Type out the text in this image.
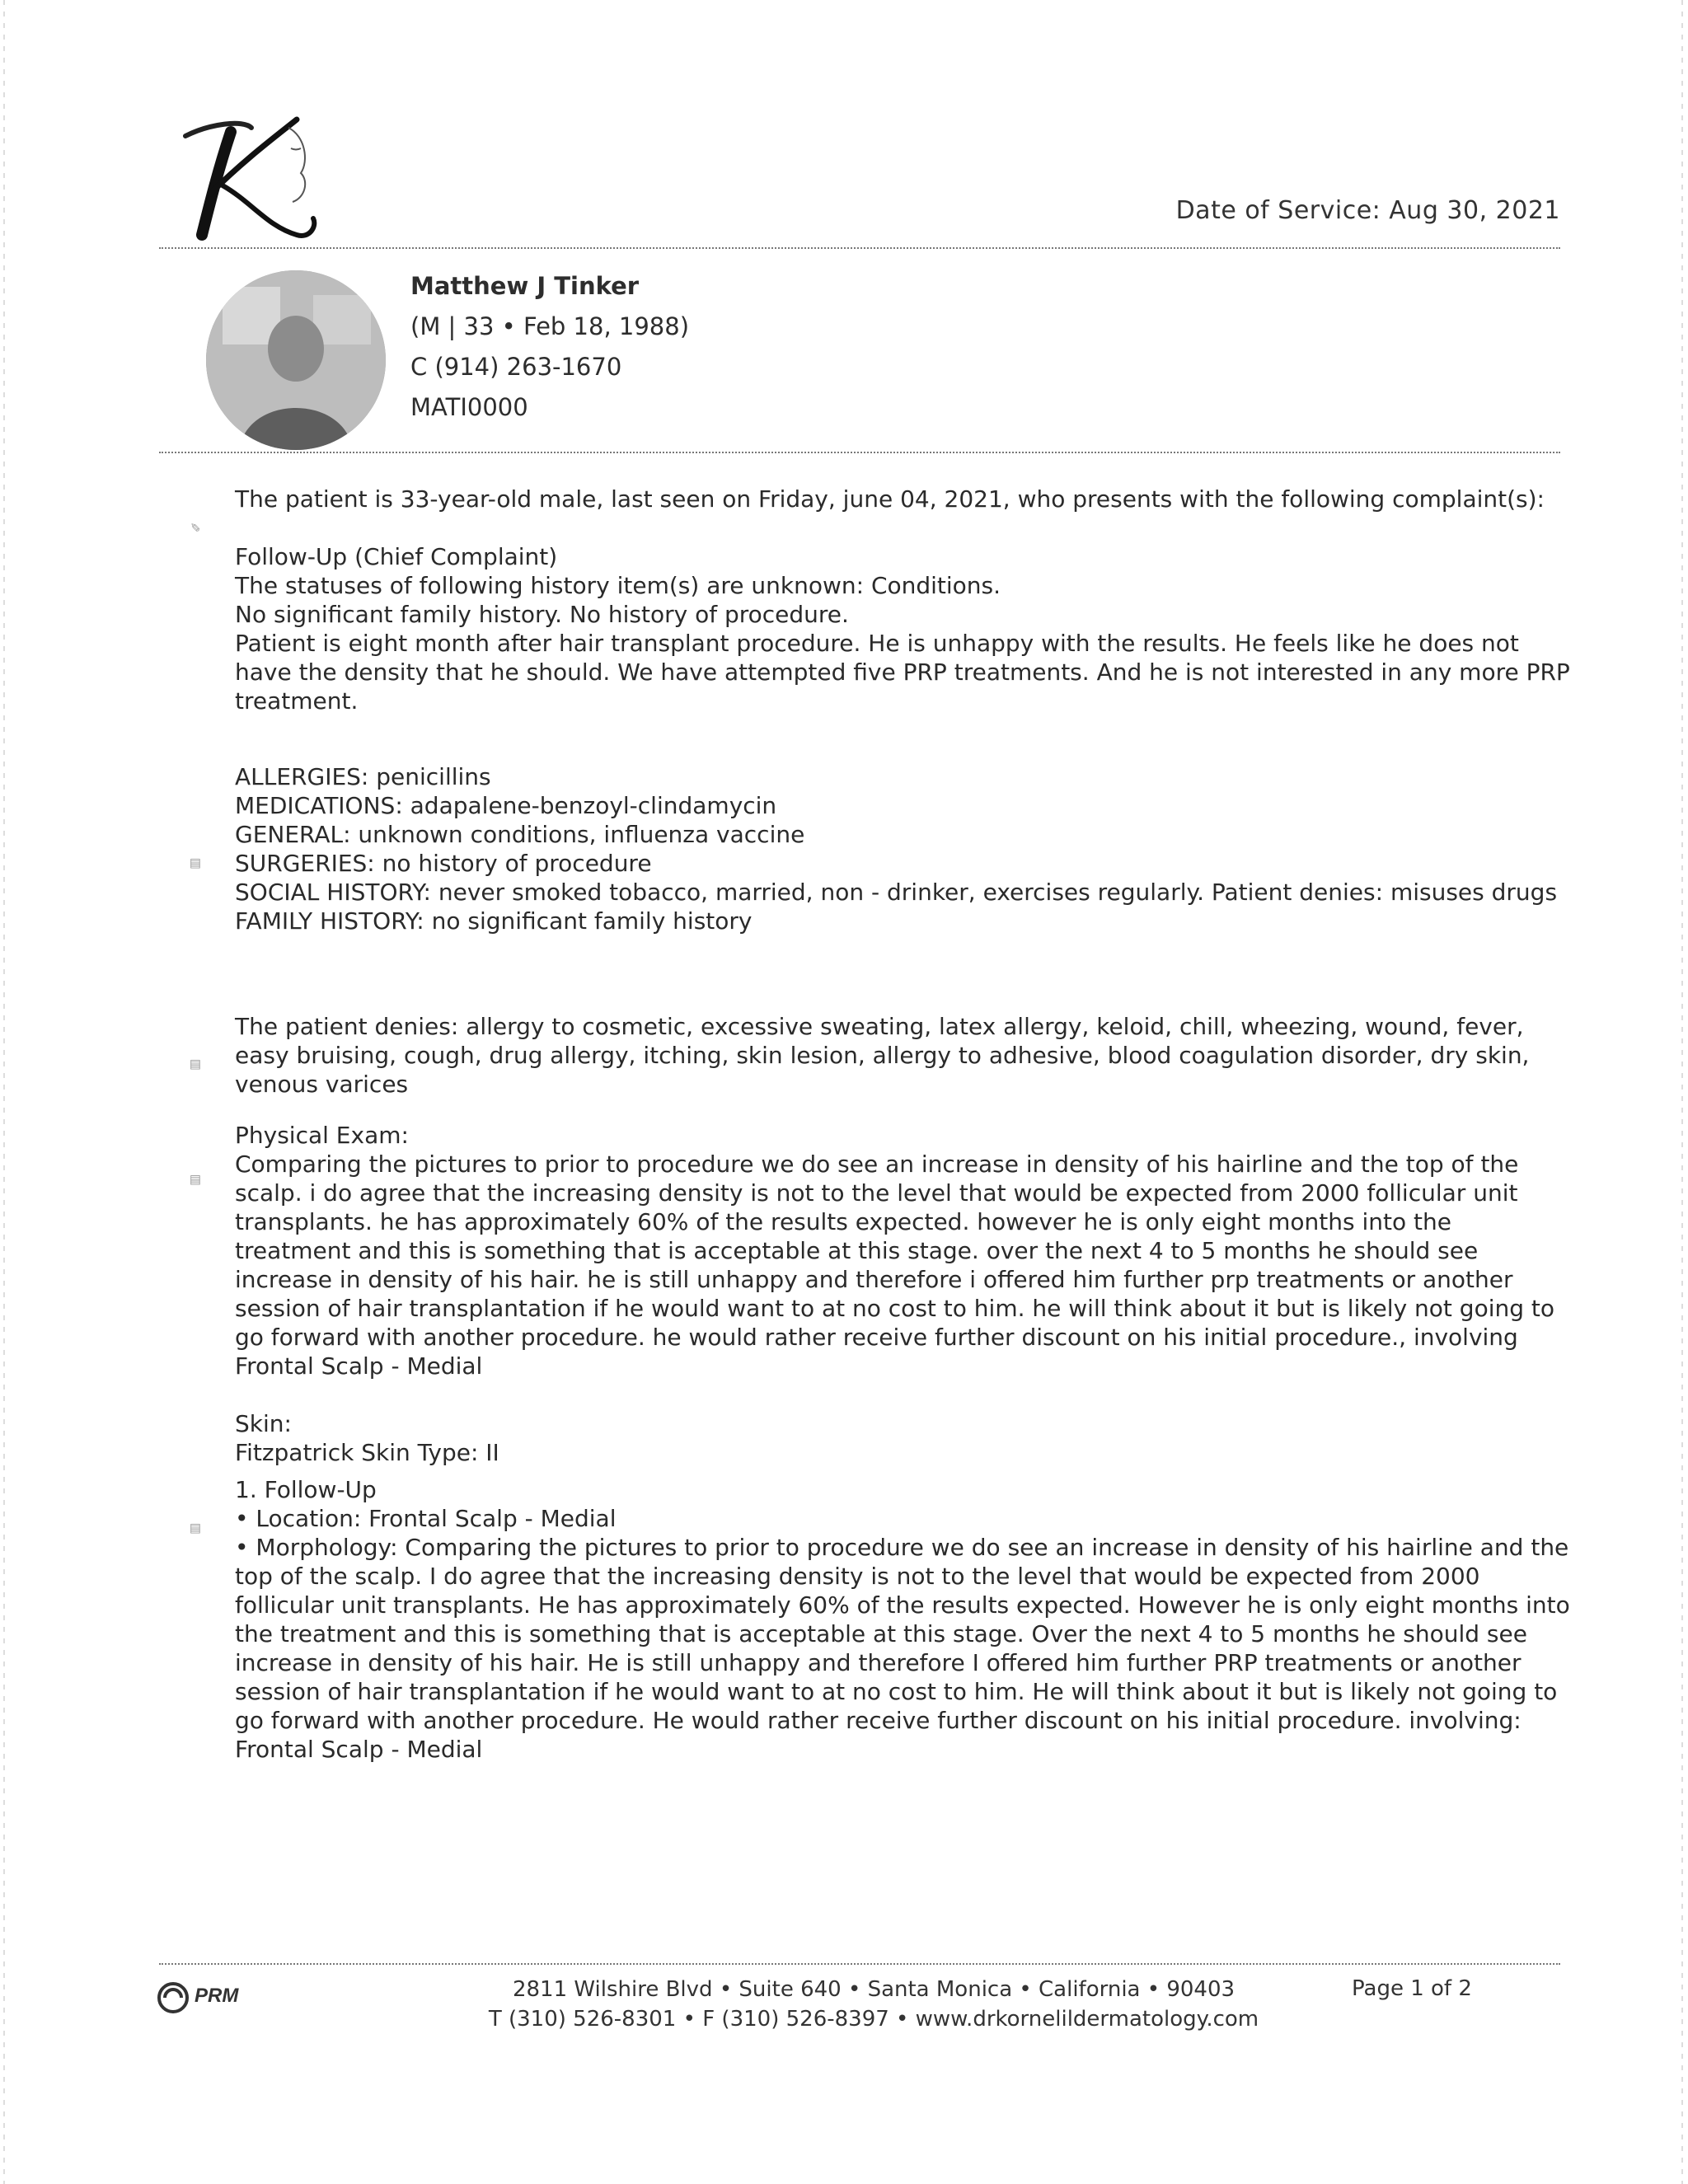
Date of Service: Aug 30, 2021
Matthew J Tinker
(M | 33 • Feb 18, 1988)
C (914) 263-1670
MATI0000
✎

The patient is 33-year-old male, last seen on Friday, june 04, 2021, who presents with the following complaint(s):

Follow-Up (Chief Complaint)

The statuses of following history item(s) are unknown: Conditions.

No significant family history. No history of procedure.

Patient is eight month after hair transplant procedure. He is unhappy with the results. He feels like he does not have the density that he should. We have attempted five PRP treatments. And he is not interested in any more PRP treatment.

▤

ALLERGIES: penicillins

MEDICATIONS: adapalene-benzoyl-clindamycin

GENERAL: unknown conditions, influenza vaccine

SURGERIES: no history of procedure

SOCIAL HISTORY: never smoked tobacco, married, non - drinker, exercises regularly. Patient denies: misuses drugs

FAMILY HISTORY: no significant family history

▤

The patient denies: allergy to cosmetic, excessive sweating, latex allergy, keloid, chill, wheezing, wound, fever, easy bruising, cough, drug allergy, itching, skin lesion, allergy to adhesive, blood coagulation disorder, dry skin, venous varices

▤

Physical Exam:

Comparing the pictures to prior to procedure we do see an increase in density of his hairline and the top of the scalp. i do agree that the increasing density is not to the level that would be expected from 2000 follicular unit transplants. he has approximately 60% of the results expected. however he is only eight months into the treatment and this is something that is acceptable at this stage. over the next 4 to 5 months he should see increase in density of his hair. he is still unhappy and therefore i offered him further prp treatments or another session of hair transplantation if he would want to at no cost to him. he will think about it but is likely not going to go forward with another procedure. he would rather receive further discount on his initial procedure., involving Frontal Scalp - Medial

Skin:

Fitzpatrick Skin Type: II

▤

1. Follow-Up

• Location: Frontal Scalp - Medial

• Morphology: Comparing the pictures to prior to procedure we do see an increase in density of his hairline and the top of the scalp. I do agree that the increasing density is not to the level that would be expected from 2000 follicular unit transplants. He has approximately 60% of the results expected. However he is only eight months into the treatment and this is something that is acceptable at this stage. Over the next 4 to 5 months he should see increase in density of his hair. He is still unhappy and therefore I offered him further PRP treatments or another session of hair transplantation if he would want to at no cost to him. He will think about it but is likely not going to go forward with another procedure. He would rather receive further discount on his initial procedure. involving: Frontal Scalp - Medial

PRM	2811 Wilshire Blvd • Suite 640 • Santa Monica • California • 90403
T (310) 526-8301 • F (310) 526-8397 • www.drkornelildermatology.com
Page 1 of 2
